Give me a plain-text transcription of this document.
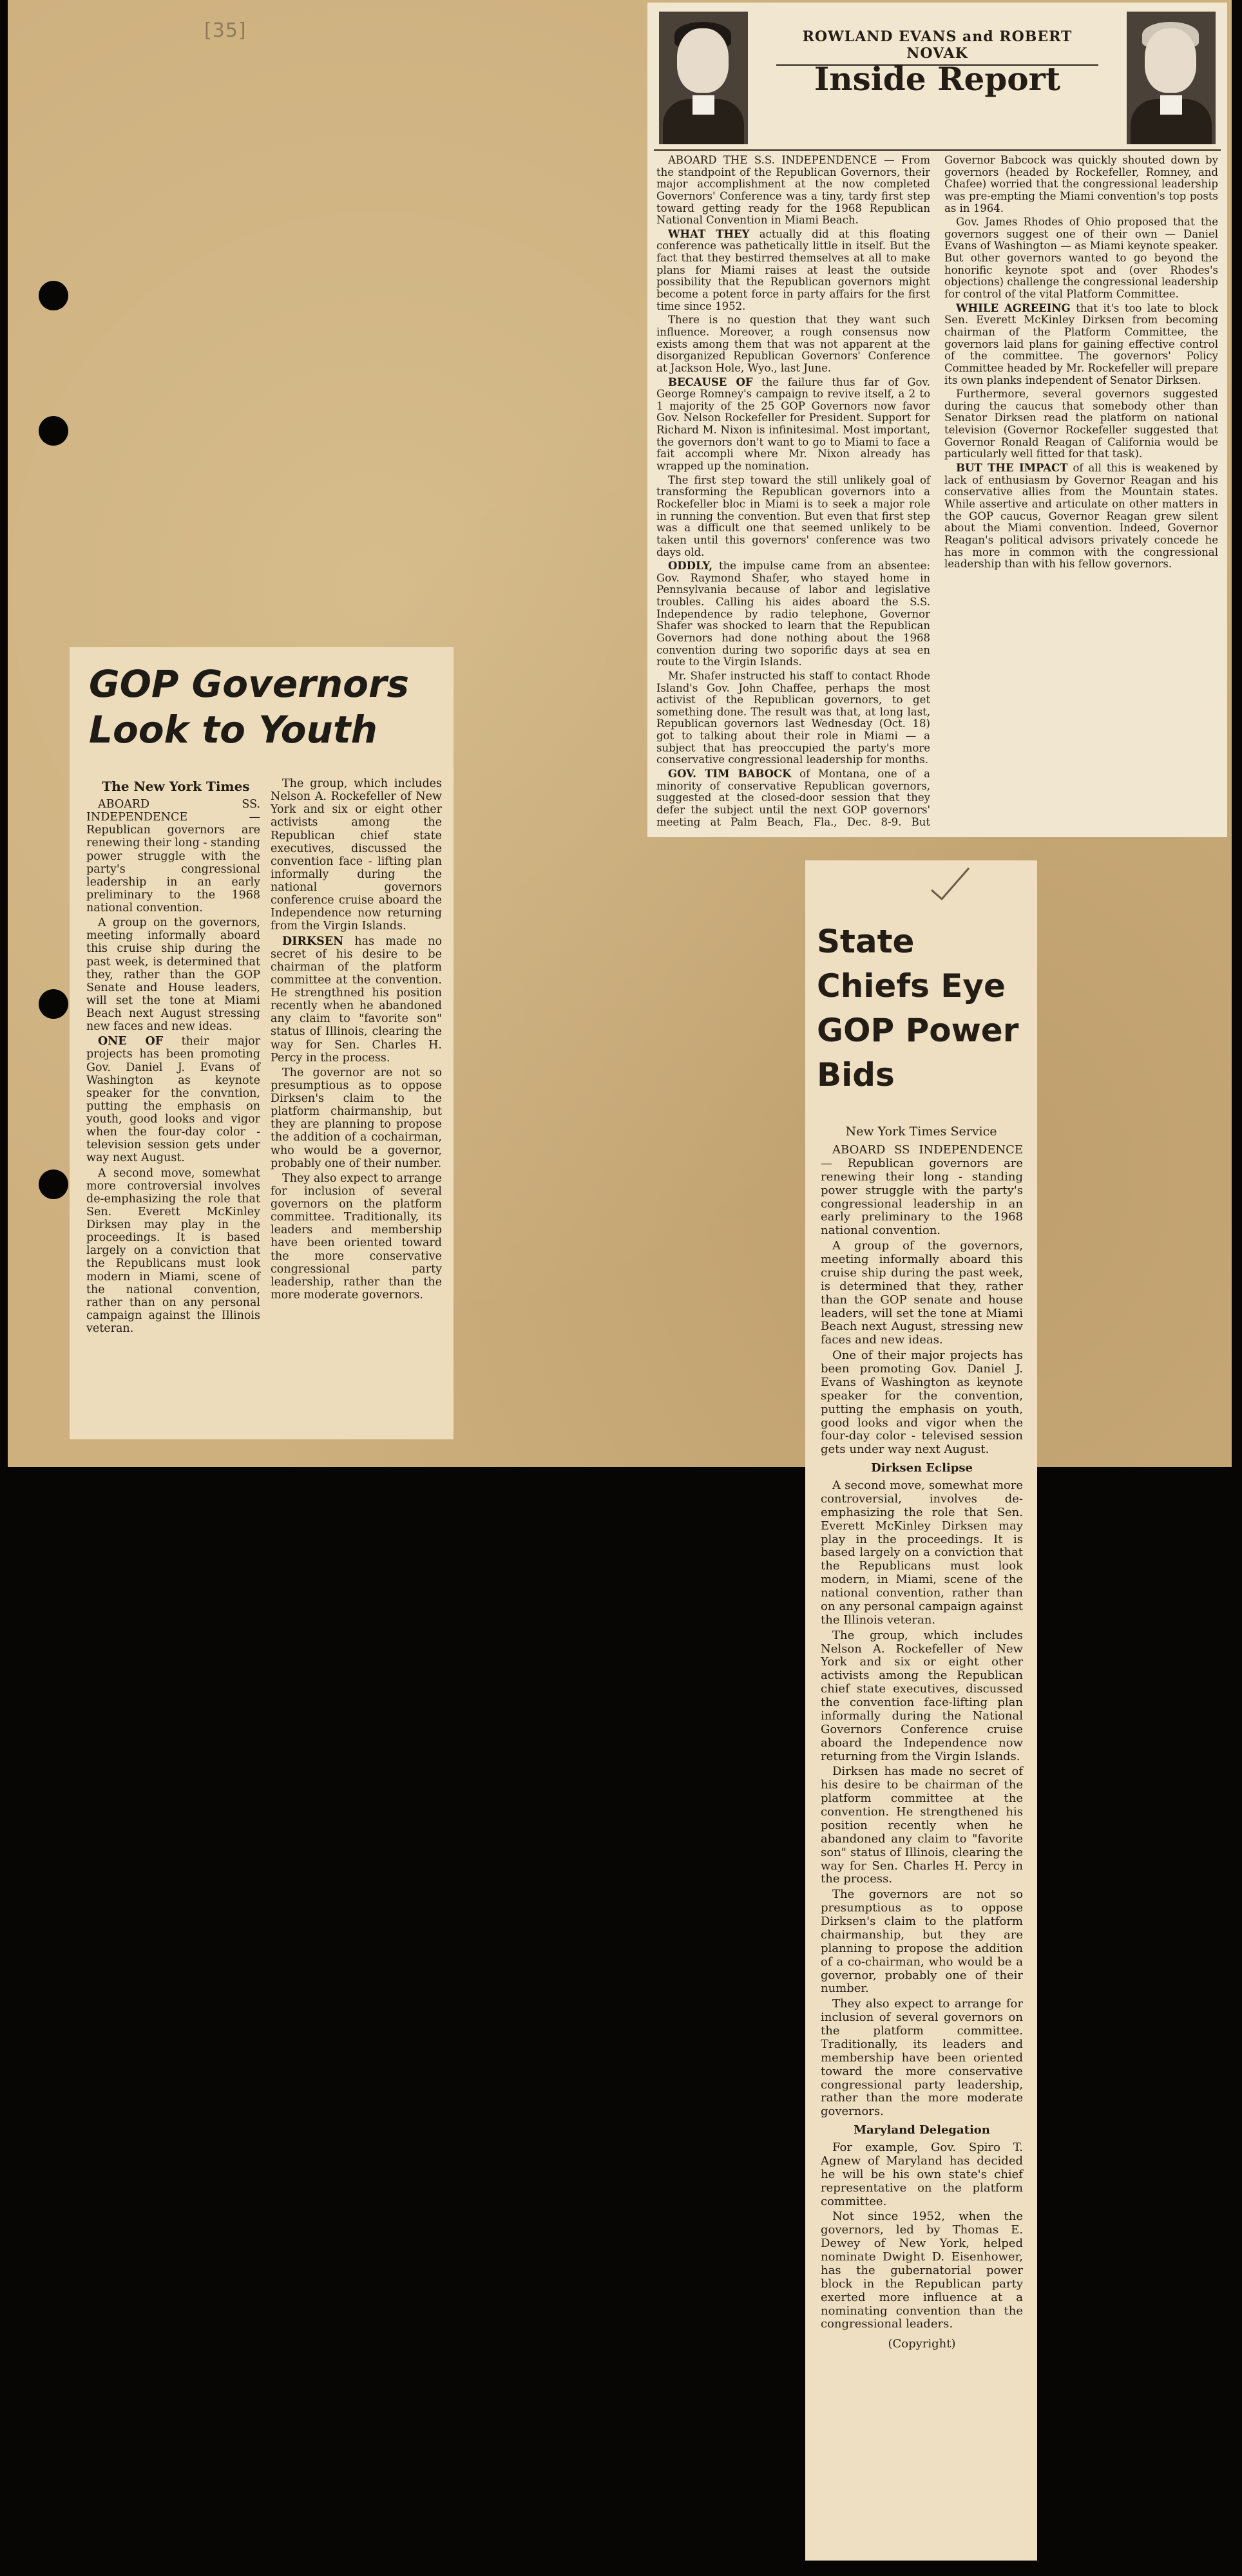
[35]	ROWLAND EVANS and ROBERT NOVAK
Inside Report

ABOARD THE S.S. INDEPENDENCE — From the standpoint of the Republican Governors, their major accomplishment at the now completed Governors' Conference was a tiny, tardy first step toward getting ready for the 1968 Republican National Convention in Miami Beach.

WHAT THEY actually did at this floating conference was pathetically little in itself. But the fact that they bestirred themselves at all to make plans for Miami raises at least the outside possibility that the Republican governors might become a potent force in party affairs for the first time since 1952.

There is no question that they want such influence. Moreover, a rough consensus now exists among them that was not apparent at the disorganized Republican Governors' Conference at Jackson Hole, Wyo., last June.

BECAUSE OF the failure thus far of Gov. George Romney's campaign to revive itself, a 2 to 1 majority of the 25 GOP Governors now favor Gov. Nelson Rockefeller for President. Support for Richard M. Nixon is infinitesimal. Most important, the governors don't want to go to Miami to face a fait accompli where Mr. Nixon already has wrapped up the nomination.

The first step toward the still unlikely goal of transforming the Republican governors into a Rockefeller bloc in Miami is to seek a major role in running the convention. But even that first step was a difficult one that seemed unlikely to be taken until this governors' conference was two days old.

ODDLY, the impulse came from an absentee: Gov. Raymond Shafer, who stayed home in Pennsylvania because of labor and legislative troubles. Calling his aides aboard the S.S. Independence by radio telephone, Governor Shafer was shocked to learn that the Republican Governors had done nothing about the 1968 convention during two soporific days at sea en route to the Virgin Islands.

Mr. Shafer instructed his staff to contact Rhode Island's Gov. John Chaffee, perhaps the most activist of the Republican governors, to get something done. The result was that, at long last, Republican governors last Wednesday (Oct. 18) got to talking about their role in Miami — a subject that has preoccupied the party's more conservative congressional leadership for months.

GOV. TIM BABOCK of Montana, one of a minority of conservative Republican governors, suggested at the closed-door session that they defer the subject until the next GOP governors' meeting at Palm Beach, Fla., Dec. 8-9. But Governor Babcock was quickly shouted down by governors (headed by Rockefeller, Romney, and Chafee) worried that the congressional leadership was pre-empting the Miami convention's top posts as in 1964.

Gov. James Rhodes of Ohio proposed that the governors suggest one of their own — Daniel Evans of Washington — as Miami keynote speaker. But other governors wanted to go beyond the honorific keynote spot and (over Rhodes's objections) challenge the congressional leadership for control of the vital Platform Committee.

WHILE AGREEING that it's too late to block Sen. Everett McKinley Dirksen from becoming chairman of the Platform Committee, the governors laid plans for gaining effective control of the committee. The governors' Policy Committee headed by Mr. Rockefeller will prepare its own planks independent of Senator Dirksen.

Furthermore, several governors suggested during the caucus that somebody other than Senator Dirksen read the platform on national television (Governor Rockefeller suggested that Governor Ronald Reagan of California would be particularly well fitted for that task).

BUT THE IMPACT of all this is weakened by lack of enthusiasm by Governor Reagan and his conservative allies from the Mountain states. While assertive and articulate on other matters in the GOP caucus, Governor Reagan grew silent about the Miami convention. Indeed, Governor Reagan's political advisors privately concede he has more in common with the congressional leadership than with his fellow governors.

GOP Governors Look to Youth
The New York Times

ABOARD SS. INDEPENDENCE — Republican governors are renewing their long - standing power struggle with the party's congressional leadership in an early preliminary to the 1968 national convention.

A group on the governors, meeting informally aboard this cruise ship during the past week, is determined that they, rather than the GOP Senate and House leaders, will set the tone at Miami Beach next August stressing new faces and new ideas.

ONE OF their major projects has been promoting Gov. Daniel J. Evans of Washington as keynote speaker for the convntion, putting the emphasis on youth, good looks and vigor when the four-day color - television session gets under way next August.

A second move, somewhat more controversial involves de-emphasizing the role that Sen. Everett McKinley Dirksen may play in the proceedings. It is based largely on a conviction that the Republicans must look modern in Miami, scene of the national convention, rather than on any personal campaign against the Illinois veteran.

The group, which includes Nelson A. Rockefeller of New York and six or eight other activists among the Republican chief state executives, discussed the convention face - lifting plan informally during the national governors conference cruise aboard the Independence now returning from the Virgin Islands.

DIRKSEN has made no secret of his desire to be chairman of the platform committee at the convention. He strengthned his position recently when he abandoned any claim to "favorite son" status of Illinois, clearing the way for Sen. Charles H. Percy in the process.

The governor are not so presumptious as to oppose Dirksen's claim to the platform chairmanship, but they are planning to propose the addition of a cochairman, who would be a governor, probably one of their number.

They also expect to arrange for inclusion of several governors on the platform committee. Traditionally, its leaders and membership have been oriented toward the more conservative congressional party leadership, rather than the more moderate governors.

State Chiefs Eye GOP Power Bids
New York Times Service

ABOARD SS INDEPENDENCE — Republican governors are renewing their long - standing power struggle with the party's congressional leadership in an early preliminary to the 1968 national convention.

A group of the governors, meeting informally aboard this cruise ship during the past week, is determined that they, rather than the GOP senate and house leaders, will set the tone at Miami Beach next August, stressing new faces and new ideas.

One of their major projects has been promoting Gov. Daniel J. Evans of Washington as keynote speaker for the convention, putting the emphasis on youth, good looks and vigor when the four-day color - televised session gets under way next August.

Dirksen Eclipse

A second move, somewhat more controversial, involves de-emphasizing the role that Sen. Everett McKinley Dirksen may play in the proceedings. It is based largely on a conviction that the Republicans must look modern, in Miami, scene of the national convention, rather than on any personal campaign against the Illinois veteran.

The group, which includes Nelson A. Rockefeller of New York and six or eight other activists among the Republican chief state executives, discussed the convention face-lifting plan informally during the National Governors Conference cruise aboard the Independence now returning from the Virgin Islands.

Dirksen has made no secret of his desire to be chairman of the platform committee at the convention. He strengthened his position recently when he abandoned any claim to "favorite son" status of Illinois, clearing the way for Sen. Charles H. Percy in the process.

The governors are not so presumptious as to oppose Dirksen's claim to the platform chairmanship, but they are planning to propose the addition of a co-chairman, who would be a governor, probably one of their number.

They also expect to arrange for inclusion of several governors on the platform committee. Traditionally, its leaders and membership have been oriented toward the more conservative congressional party leadership, rather than the more moderate governors.

Maryland Delegation

For example, Gov. Spiro T. Agnew of Maryland has decided he will be his own state's chief representative on the platform committee.

Not since 1952, when the governors, led by Thomas E. Dewey of New York, helped nominate Dwight D. Eisenhower, has the gubernatorial power block in the Republican party exerted more influence at a nominating convention than the congressional leaders.

(Copyright)
